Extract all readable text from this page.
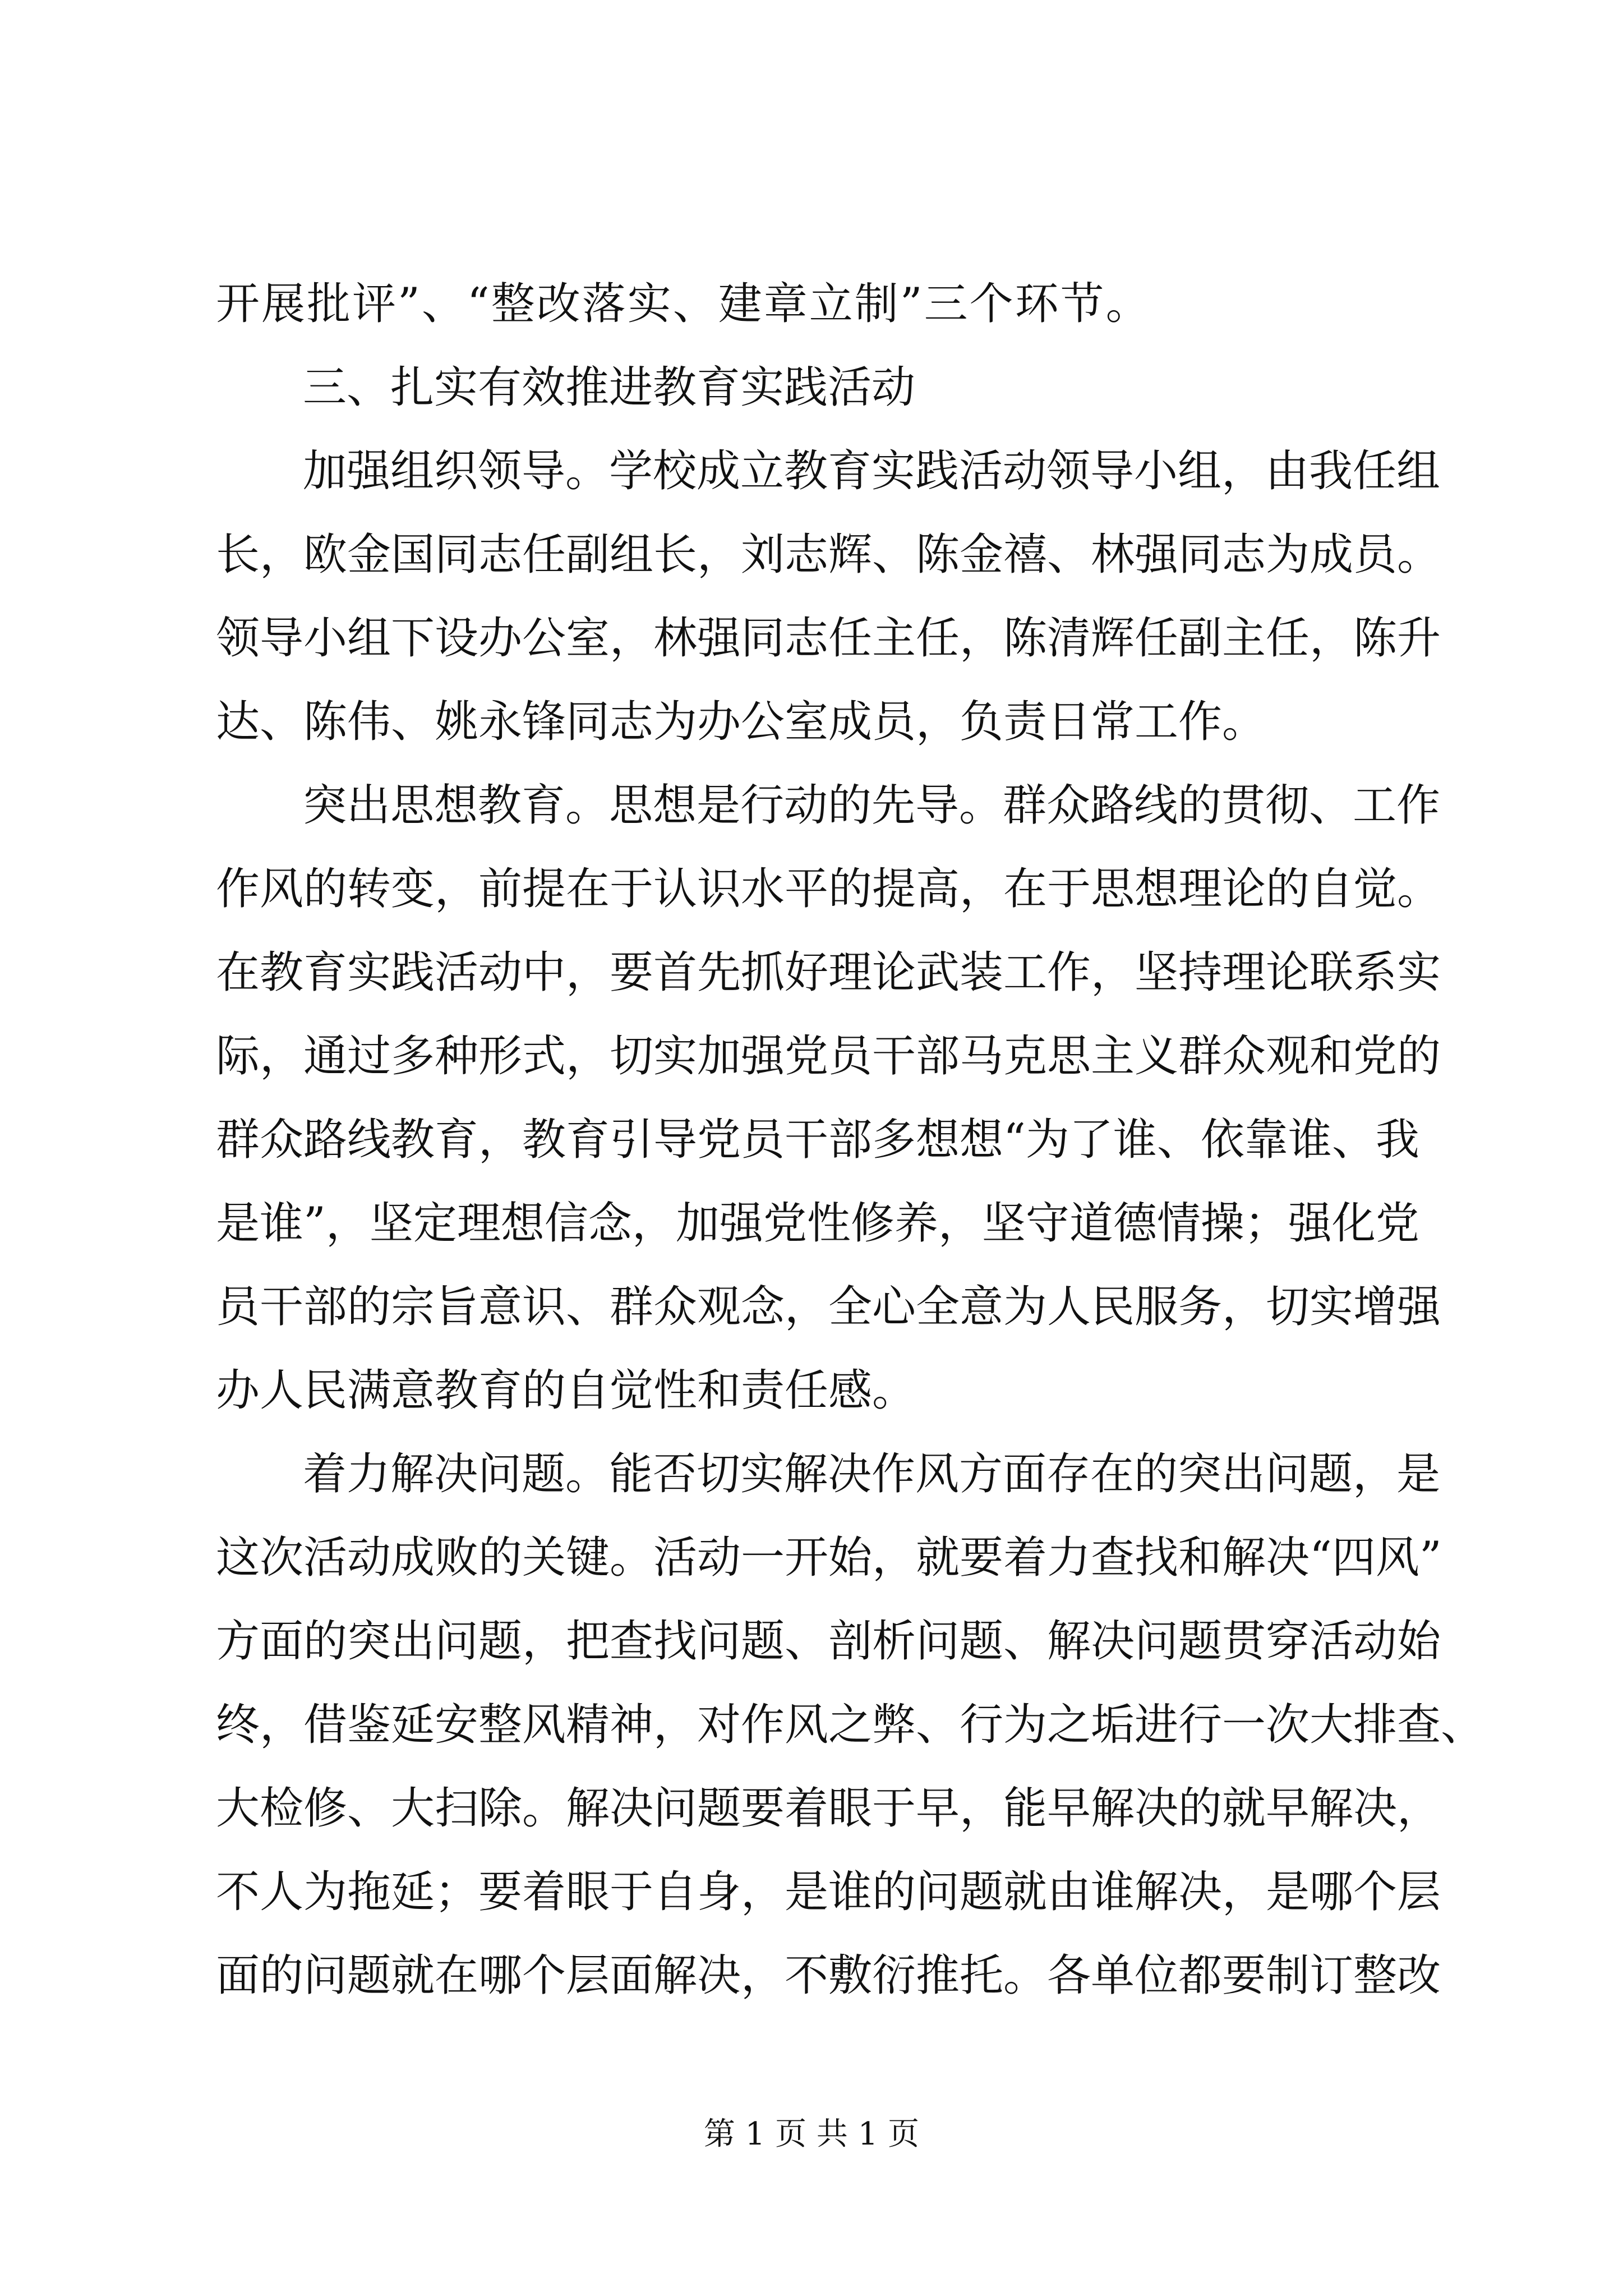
开展批评”、“整改落实、建章立制”三个环节。
三、扎实有效推进教育实践活动
加强组织领导。学校成立教育实践活动领导小组，由我任组
长，欧金国同志任副组长，刘志辉、陈金禧、林强同志为成员。
领导小组下设办公室，林强同志任主任，陈清辉任副主任，陈升
达、陈伟、姚永锋同志为办公室成员，负责日常工作。
突出思想教育。思想是行动的先导。群众路线的贯彻、工作
作风的转变，前提在于认识水平的提高，在于思想理论的自觉。
在教育实践活动中，要首先抓好理论武装工作，坚持理论联系实
际，通过多种形式，切实加强党员干部马克思主义群众观和党的
群众路线教育，教育引导党员干部多想想“为了谁、依靠谁、我
是谁”，坚定理想信念，加强党性修养，坚守道德情操；强化党
员干部的宗旨意识、群众观念，全心全意为人民服务，切实增强
办人民满意教育的自觉性和责任感。
着力解决问题。能否切实解决作风方面存在的突出问题，是
这次活动成败的关键。活动一开始，就要着力查找和解决“四风”
方面的突出问题，把查找问题、剖析问题、解决问题贯穿活动始
终，借鉴延安整风精神，对作风之弊、行为之垢进行一次大排查、
大检修、大扫除。解决问题要着眼于早，能早解决的就早解决，
不人为拖延；要着眼于自身，是谁的问题就由谁解决，是哪个层
面的问题就在哪个层面解决，不敷衍推托。各单位都要制订整改
第 1 页 共 1 页
